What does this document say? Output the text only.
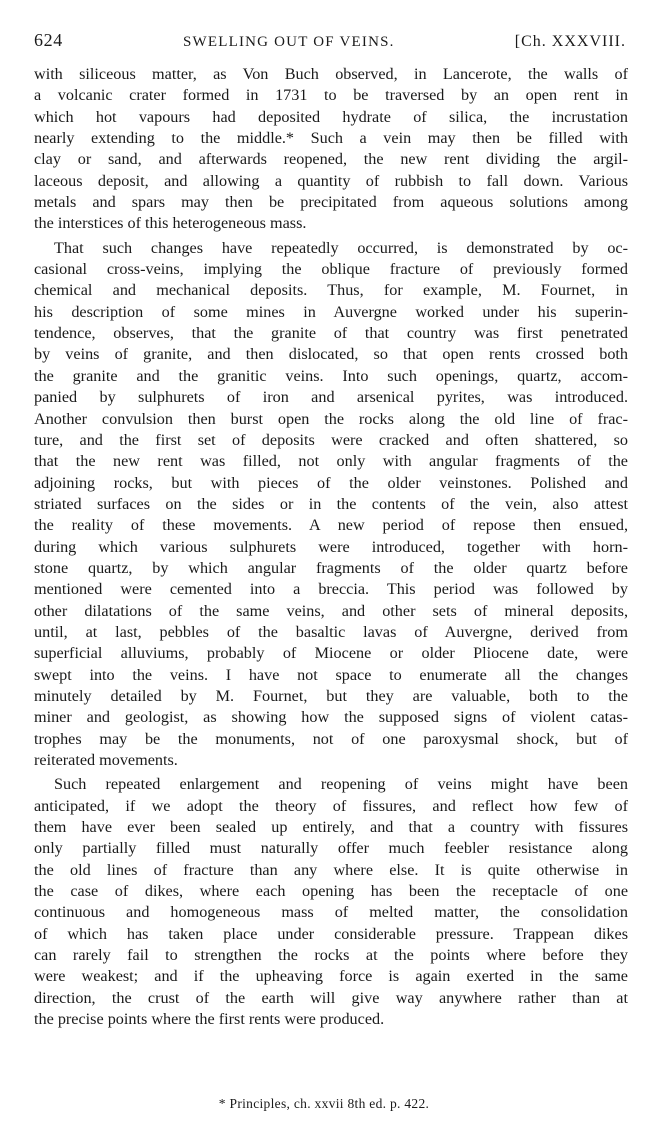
624	SWELLING OUT OF VEINS.	[Ch. XXXVIII.
with siliceous matter, as Von Buch observed, in Lancerote, the walls of
a volcanic crater formed in 1731 to be traversed by an open rent in
which hot vapours had deposited hydrate of silica, the incrustation
nearly extending to the middle.* Such a vein may then be filled with
clay or sand, and afterwards reopened, the new rent dividing the argil-
laceous deposit, and allowing a quantity of rubbish to fall down. Various
metals and spars may then be precipitated from aqueous solutions among
the interstices of this heterogeneous mass.
That such changes have repeatedly occurred, is demonstrated by oc-
casional cross-veins, implying the oblique fracture of previously formed
chemical and mechanical deposits. Thus, for example, M. Fournet, in
his description of some mines in Auvergne worked under his superin-
tendence, observes, that the granite of that country was first penetrated
by veins of granite, and then dislocated, so that open rents crossed both
the granite and the granitic veins. Into such openings, quartz, accom-
panied by sulphurets of iron and arsenical pyrites, was introduced.
Another convulsion then burst open the rocks along the old line of frac-
ture, and the first set of deposits were cracked and often shattered, so
that the new rent was filled, not only with angular fragments of the
adjoining rocks, but with pieces of the older veinstones. Polished and
striated surfaces on the sides or in the contents of the vein, also attest
the reality of these movements. A new period of repose then ensued,
during which various sulphurets were introduced, together with horn-
stone quartz, by which angular fragments of the older quartz before
mentioned were cemented into a breccia. This period was followed by
other dilatations of the same veins, and other sets of mineral deposits,
until, at last, pebbles of the basaltic lavas of Auvergne, derived from
superficial alluviums, probably of Miocene or older Pliocene date, were
swept into the veins. I have not space to enumerate all the changes
minutely detailed by M. Fournet, but they are valuable, both to the
miner and geologist, as showing how the supposed signs of violent catas-
trophes may be the monuments, not of one paroxysmal shock, but of
reiterated movements.
Such repeated enlargement and reopening of veins might have been
anticipated, if we adopt the theory of fissures, and reflect how few of
them have ever been sealed up entirely, and that a country with fissures
only partially filled must naturally offer much feebler resistance along
the old lines of fracture than any where else. It is quite otherwise in
the case of dikes, where each opening has been the receptacle of one
continuous and homogeneous mass of melted matter, the consolidation
of which has taken place under considerable pressure. Trappean dikes
can rarely fail to strengthen the rocks at the points where before they
were weakest; and if the upheaving force is again exerted in the same
direction, the crust of the earth will give way anywhere rather than at
the precise points where the first rents were produced.
* Principles, ch. xxvii 8th ed. p. 422.
